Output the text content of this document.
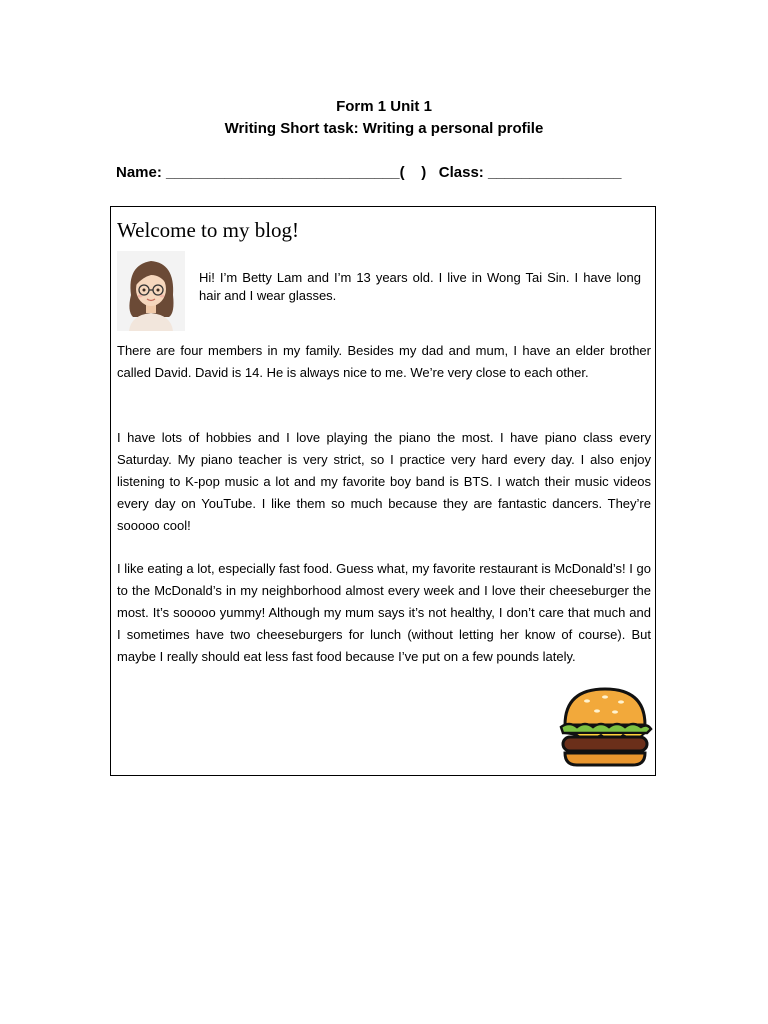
Form 1 Unit 1
Writing Short task: Writing a personal profile
Name: ____________________________(    )   Class: ________________
Welcome to my blog!
Hi! I’m Betty Lam and I’m 13 years old. I live in Wong Tai Sin. I have long hair and I wear glasses.
There are four members in my family. Besides my dad and mum, I have an elder brother called David. David is 14. He is always nice to me. We’re very close to each other.
I have lots of hobbies and I love playing the piano the most. I have piano class every Saturday. My piano teacher is very strict, so I practice very hard every day. I also enjoy listening to K-pop music a lot and my favorite boy band is BTS. I watch their music videos every day on YouTube. I like them so much because they are fantastic dancers. They’re sooooo cool!
I like eating a lot, especially fast food. Guess what, my favorite restaurant is McDonald’s! I go to the McDonald’s in my neighborhood almost every week and I love their cheeseburger the most. It’s sooooo yummy! Although my mum says it’s not healthy, I don’t care that much and I sometimes have two cheeseburgers for lunch (without letting her know of course). But maybe I really should eat less fast food because I’ve put on a few pounds lately.
